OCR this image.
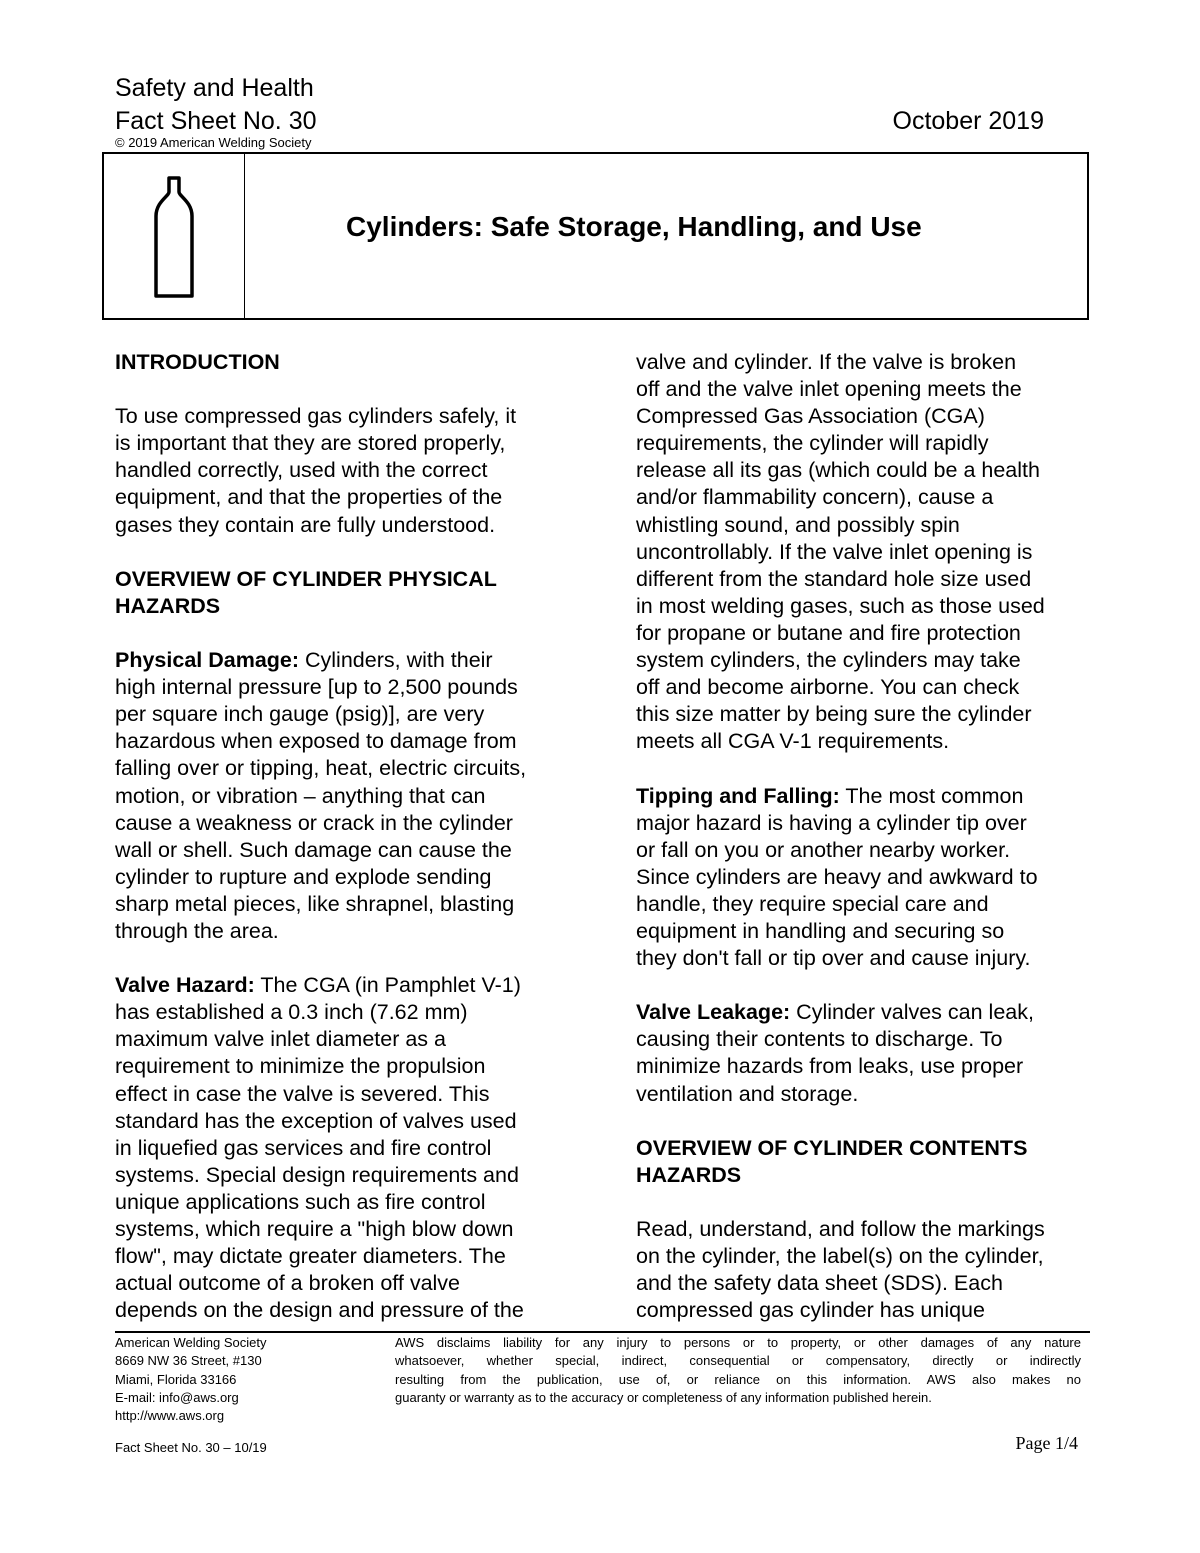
Safety and Health
Fact Sheet No. 30	October 2019
© 2019 American Welding Society
Cylinders: Safe Storage, Handling, and Use

INTRODUCTION

To use compressed gas cylinders safely, it
is important that they are stored properly,
handled correctly, used with the correct
equipment, and that the properties of the
gases they contain are fully understood.

OVERVIEW OF CYLINDER PHYSICAL
HAZARDS

Physical Damage: Cylinders, with their
high internal pressure [up to 2,500 pounds
per square inch gauge (psig)], are very
hazardous when exposed to damage from
falling over or tipping, heat, electric circuits,
motion, or vibration – anything that can
cause a weakness or crack in the cylinder
wall or shell. Such damage can cause the
cylinder to rupture and explode sending
sharp metal pieces, like shrapnel, blasting
through the area.

Valve Hazard: The CGA (in Pamphlet V-1)
has established a 0.3 inch (7.62 mm)
maximum valve inlet diameter as a
requirement to minimize the propulsion
effect in case the valve is severed. This
standard has the exception of valves used
in liquefied gas services and fire control
systems. Special design requirements and
unique applications such as fire control
systems, which require a "high blow down
flow", may dictate greater diameters. The
actual outcome of a broken off valve
depends on the design and pressure of the

valve and cylinder. If the valve is broken
off and the valve inlet opening meets the
Compressed Gas Association (CGA)
requirements, the cylinder will rapidly
release all its gas (which could be a health
and/or flammability concern), cause a
whistling sound, and possibly spin
uncontrollably. If the valve inlet opening is
different from the standard hole size used
in most welding gases, such as those used
for propane or butane and fire protection
system cylinders, the cylinders may take
off and become airborne. You can check
this size matter by being sure the cylinder
meets all CGA V-1 requirements.

Tipping and Falling: The most common
major hazard is having a cylinder tip over
or fall on you or another nearby worker.
Since cylinders are heavy and awkward to
handle, they require special care and
equipment in handling and securing so
they don't fall or tip over and cause injury.

Valve Leakage: Cylinder valves can leak,
causing their contents to discharge. To
minimize hazards from leaks, use proper
ventilation and storage.

OVERVIEW OF CYLINDER CONTENTS
HAZARDS

Read, understand, and follow the markings
on the cylinder, the label(s) on the cylinder,
and the safety data sheet (SDS). Each
compressed gas cylinder has unique

American Welding Society
8669 NW 36 Street, #130
Miami, Florida 33166
E-mail: info@aws.org
http://www.aws.org
AWS disclaims liability for any injury to persons or to property, or other damages of any nature
whatsoever, whether special, indirect, consequential or compensatory, directly or indirectly
resulting from the publication, use of, or reliance on this information. AWS also makes no
guaranty or warranty as to the accuracy or completeness of any information published herein.
Fact Sheet No. 30 – 10/19	Page 1/4
